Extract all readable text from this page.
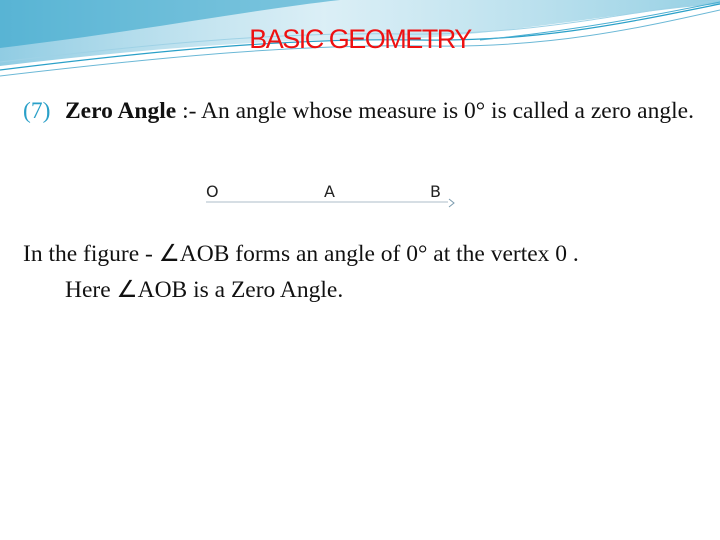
BASIC GEOMETRY
(7) Zero Angle :- An angle whose measure is 0° is called a zero angle.
O	A	B
In the figure - ∠AOB forms an angle of 0° at the vertex 0 .
Here ∠AOB is a Zero Angle.
